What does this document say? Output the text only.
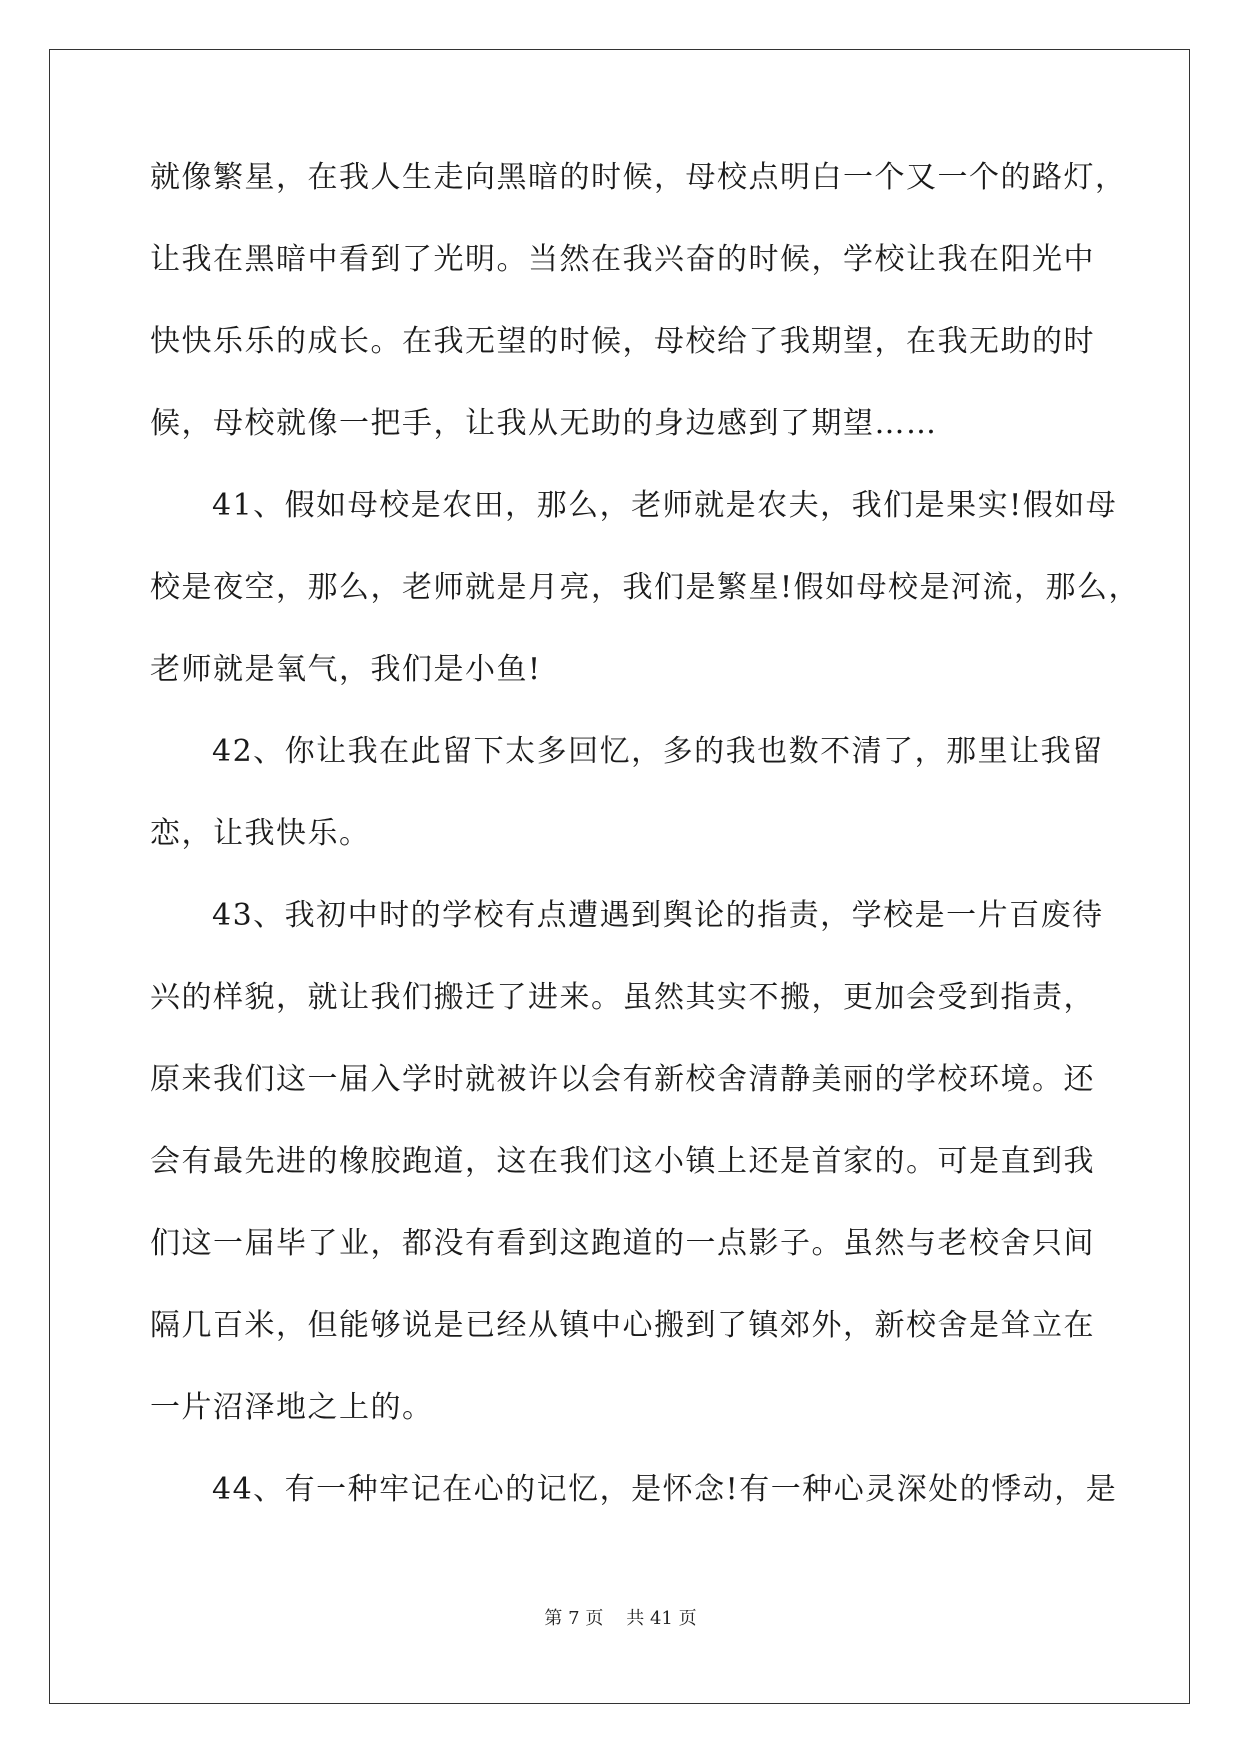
就像繁星，在我人生走向黑暗的时候，母校点明白一个又一个的路灯，
让我在黑暗中看到了光明。当然在我兴奋的时候，学校让我在阳光中
快快乐乐的成长。在我无望的时候，母校给了我期望，在我无助的时
候，母校就像一把手，让我从无助的身边感到了期望……
41、假如母校是农田，那么，老师就是农夫，我们是果实!假如母
校是夜空，那么，老师就是月亮，我们是繁星!假如母校是河流，那么，
老师就是氧气，我们是小鱼!
42、你让我在此留下太多回忆，多的我也数不清了，那里让我留
恋，让我快乐。
43、我初中时的学校有点遭遇到舆论的指责，学校是一片百废待
兴的样貌，就让我们搬迁了进来。虽然其实不搬，更加会受到指责，
原来我们这一届入学时就被许以会有新校舍清静美丽的学校环境。还
会有最先进的橡胶跑道，这在我们这小镇上还是首家的。可是直到我
们这一届毕了业，都没有看到这跑道的一点影子。虽然与老校舍只间
隔几百米，但能够说是已经从镇中心搬到了镇郊外，新校舍是耸立在
一片沼泽地之上的。
44、有一种牢记在心的记忆，是怀念!有一种心灵深处的悸动，是
第 7 页 共 41 页
